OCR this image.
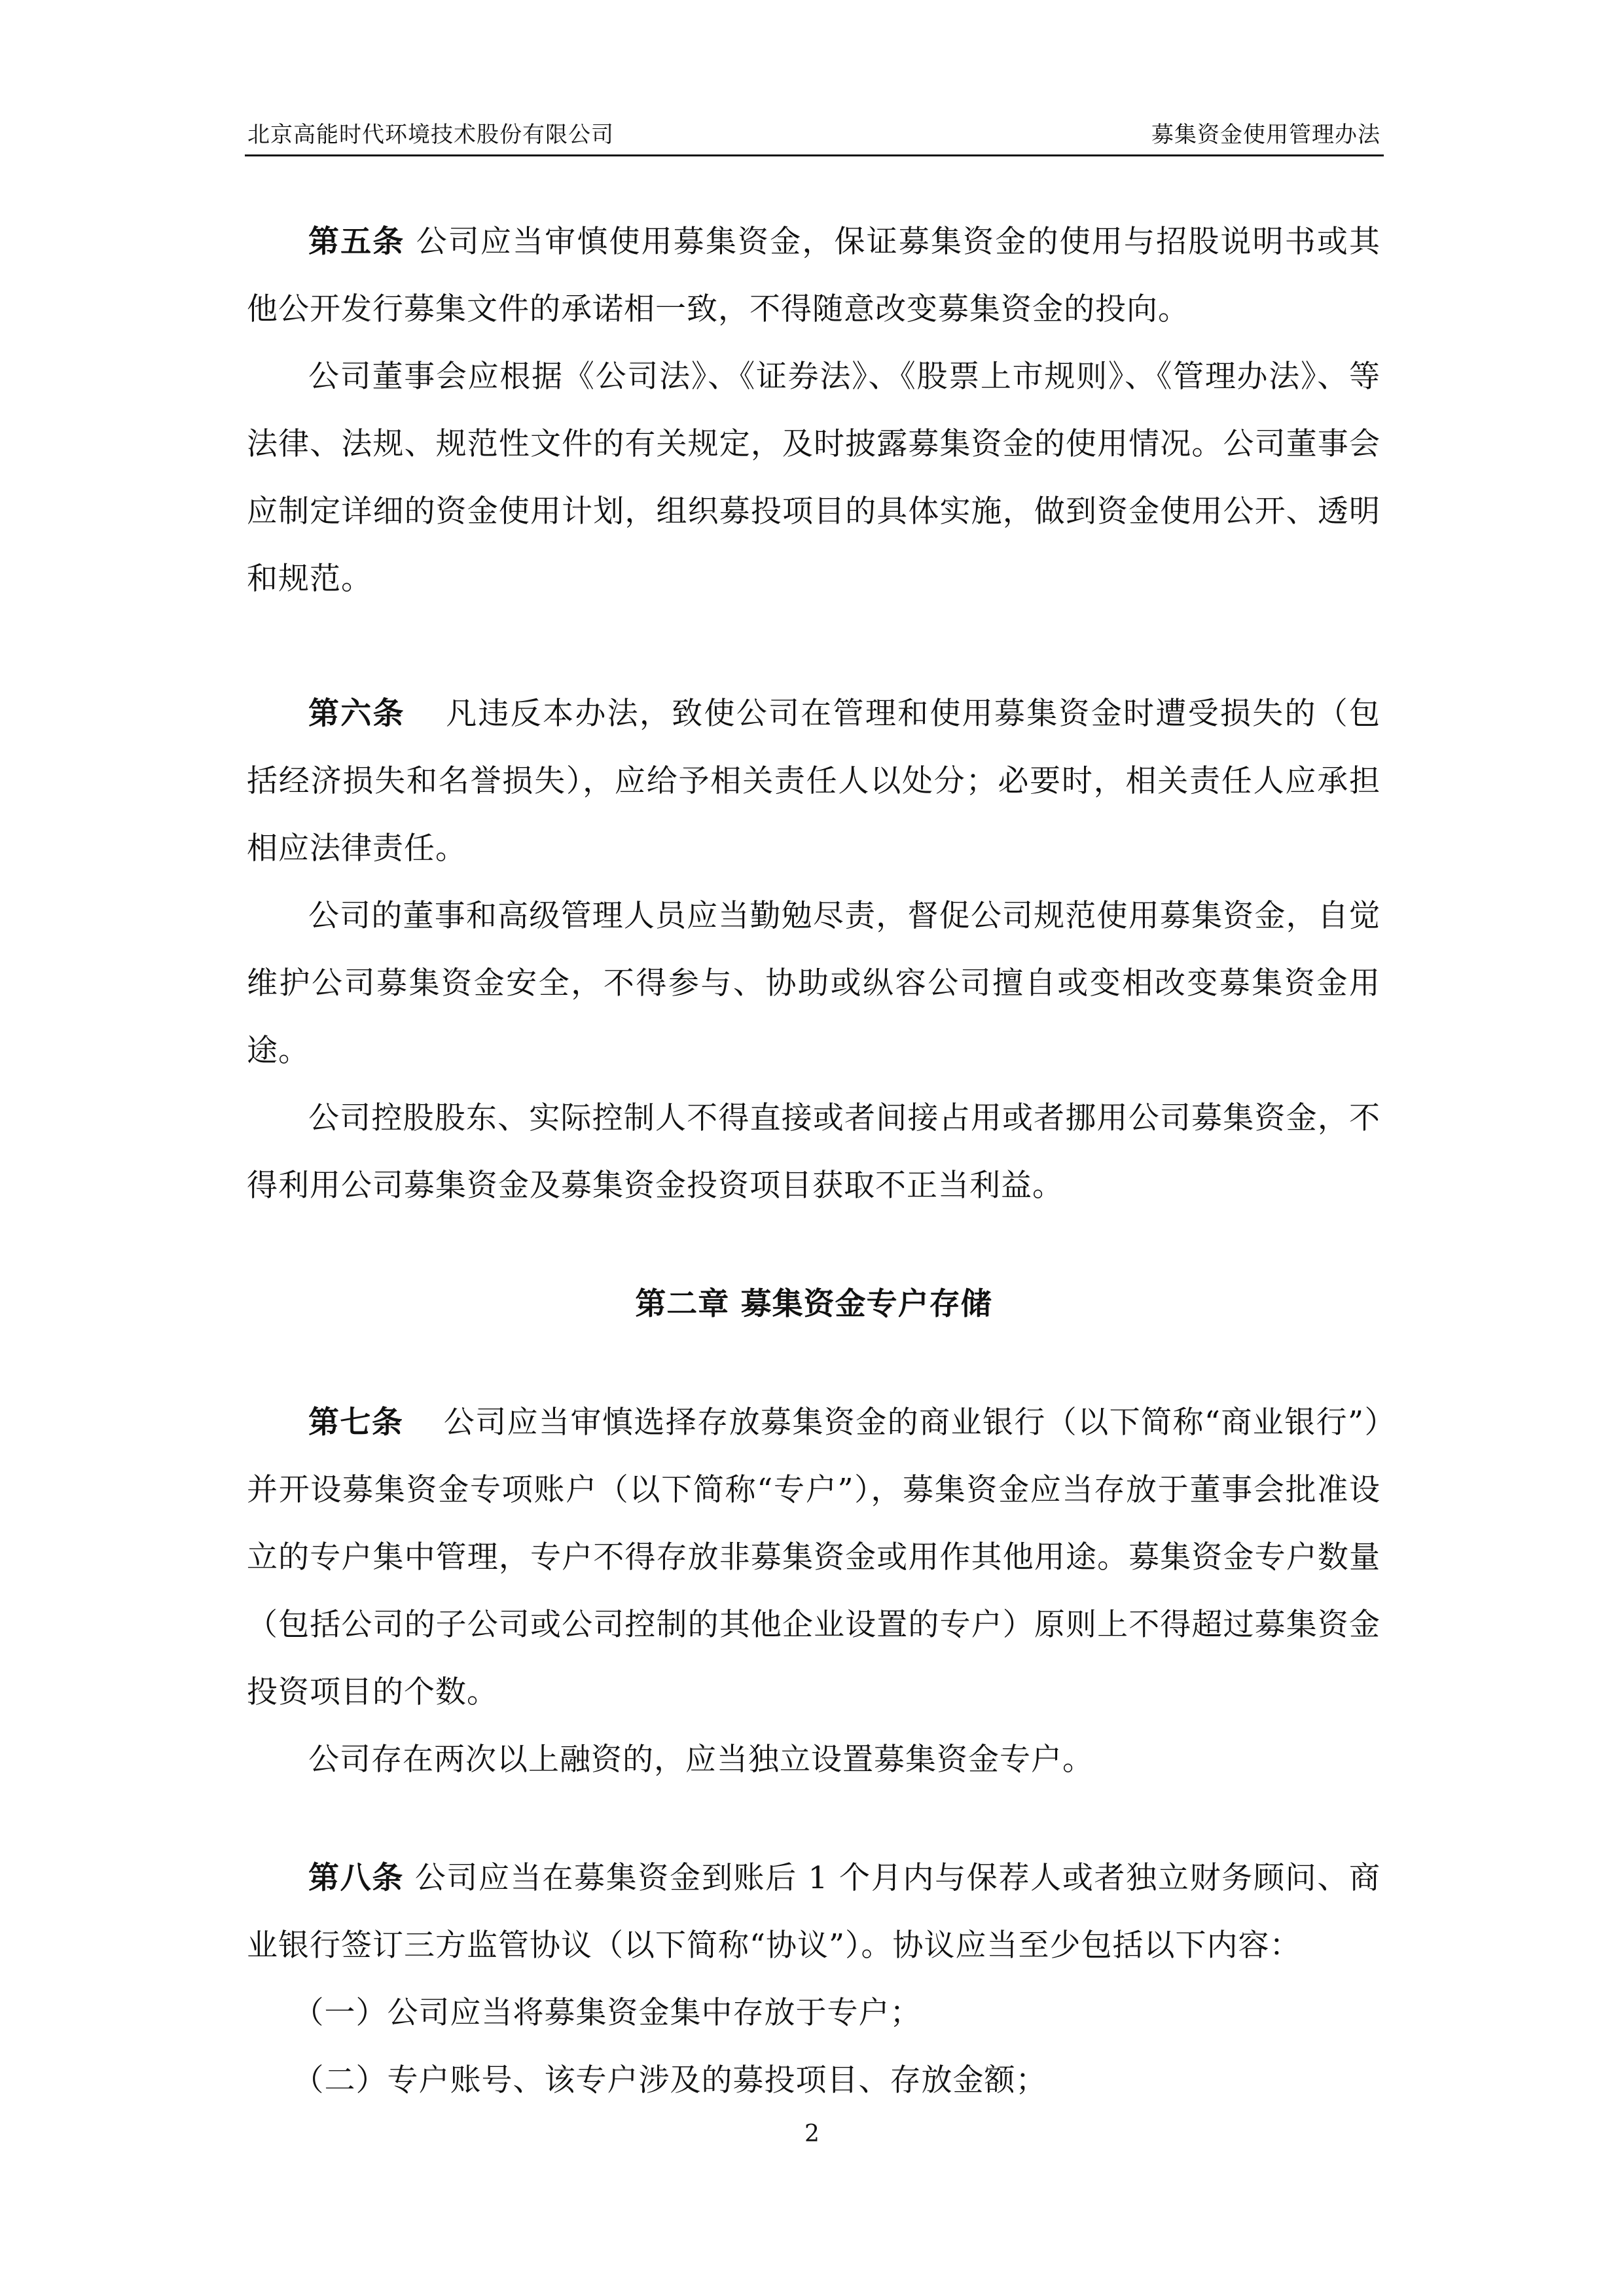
北京高能时代环境技术股份有限公司	募集资金使用管理办法

第五条 公司应当审慎使用募集资金，保证募集资金的使用与招股说明书或其他公开发行募集文件的承诺相一致，不得随意改变募集资金的投向。

公司董事会应根据《公司法》、《证券法》、《股票上市规则》、《管理办法》、等法律、法规、规范性文件的有关规定，及时披露募集资金的使用情况。公司董事会应制定详细的资金使用计划，组织募投项目的具体实施，做到资金使用公开、透明和规范。

第六条 凡违反本办法，致使公司在管理和使用募集资金时遭受损失的（包括经济损失和名誉损失），应给予相关责任人以处分；必要时，相关责任人应承担相应法律责任。

公司的董事和高级管理人员应当勤勉尽责，督促公司规范使用募集资金，自觉维护公司募集资金安全，不得参与、协助或纵容公司擅自或变相改变募集资金用途。

公司控股股东、实际控制人不得直接或者间接占用或者挪用公司募集资金，不得利用公司募集资金及募集资金投资项目获取不正当利益。

第二章 募集资金专户存储

第七条 公司应当审慎选择存放募集资金的商业银行（以下简称“商业银行”）并开设募集资金专项账户（以下简称“专户”），募集资金应当存放于董事会批准设立的专户集中管理，专户不得存放非募集资金或用作其他用途。募集资金专户数量（包括公司的子公司或公司控制的其他企业设置的专户）原则上不得超过募集资金投资项目的个数。

公司存在两次以上融资的，应当独立设置募集资金专户。

第八条 公司应当在募集资金到账后 1 个月内与保荐人或者独立财务顾问、商业银行签订三方监管协议（以下简称“协议”）。协议应当至少包括以下内容：

（一）公司应当将募集资金集中存放于专户；

（二）专户账号、该专户涉及的募投项目、存放金额；

2
